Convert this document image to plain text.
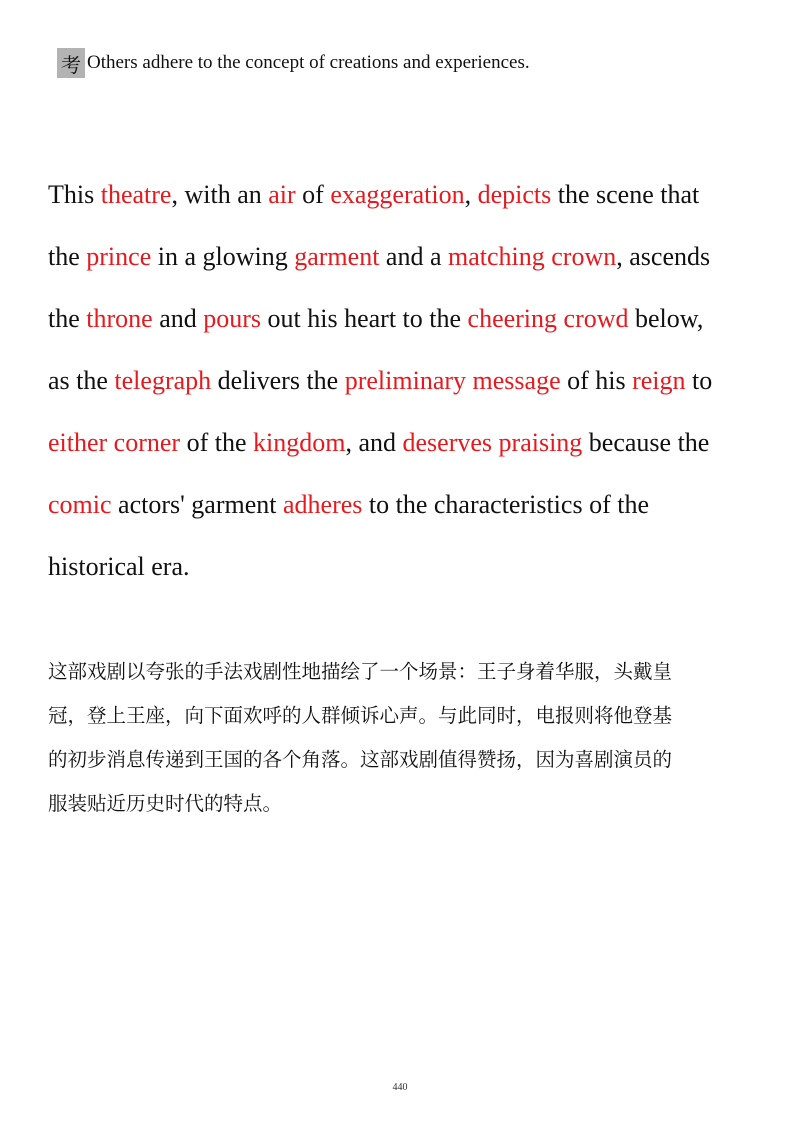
考 Others adhere to the concept of creations and experiences.
This theatre, with an air of exaggeration, depicts the scene that
the prince in a glowing garment and a matching crown, ascends
the throne and pours out his heart to the cheering crowd below,
as the telegraph delivers the preliminary message of his reign to
either corner of the kingdom, and deserves praising because the
comic actors' garment adheres to the characteristics of the
historical era.
这部戏剧以夸张的手法戏剧性地描绘了一个场景：王子身着华服，头戴皇
冠，登上王座，向下面欢呼的人群倾诉心声。与此同时，电报则将他登基
的初步消息传递到王国的各个角落。这部戏剧值得赞扬，因为喜剧演员的
服装贴近历史时代的特点。
440
